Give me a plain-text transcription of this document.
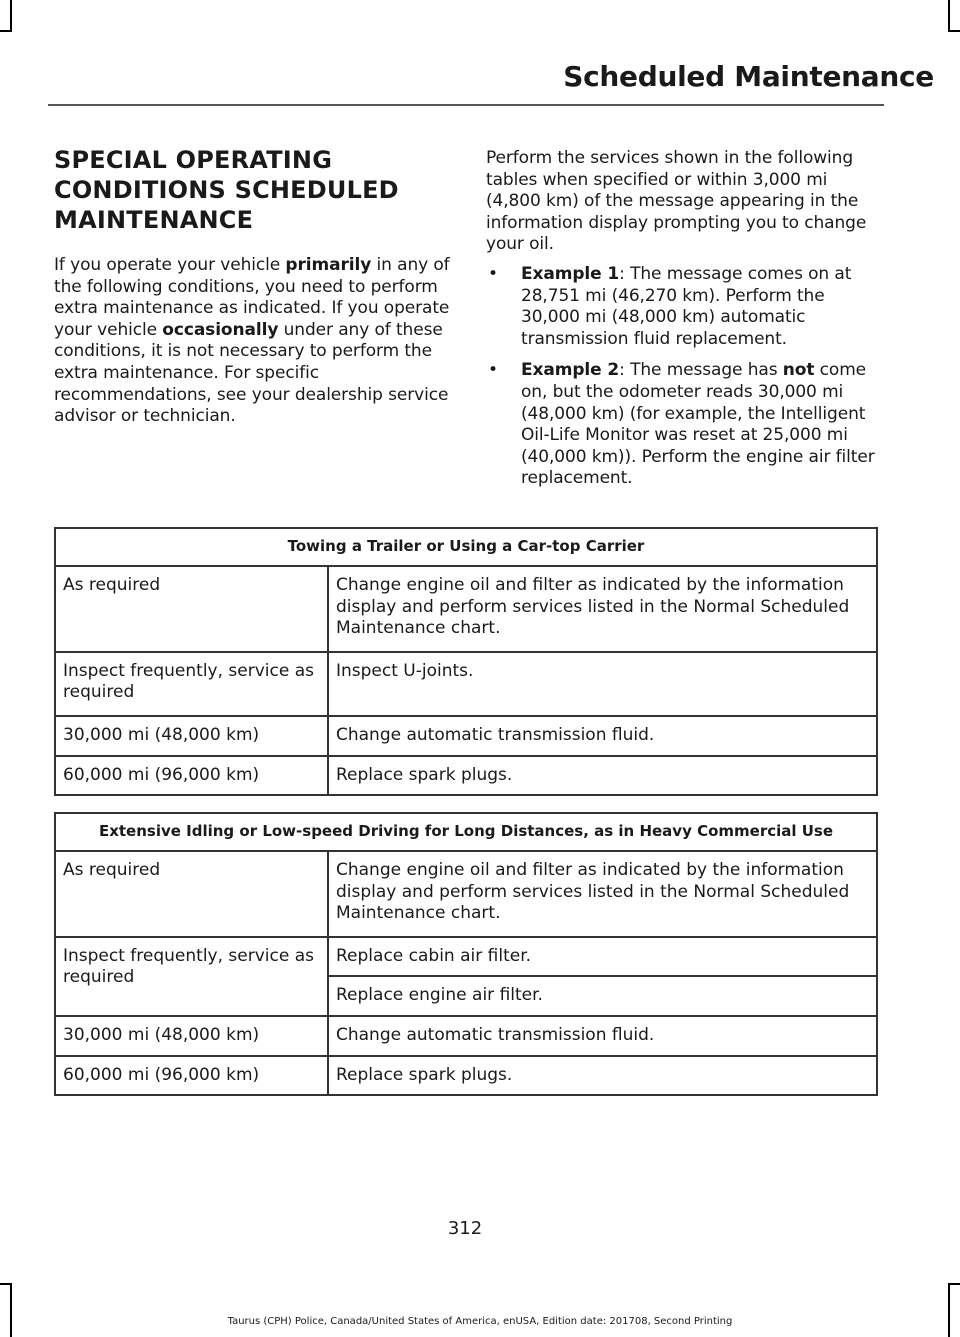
Scheduled Maintenance
SPECIAL OPERATING
CONDITIONS SCHEDULED
MAINTENANCE
If you operate your vehicle primarily in any of the following conditions, you need to perform extra maintenance as indicated. If you operate your vehicle occasionally under any of these conditions, it is not necessary to perform the extra maintenance. For specific recommendations, see your dealership service advisor or technician.
Perform the services shown in the following tables when specified or within 3,000 mi (4,800 km) of the message appearing in the information display prompting you to change your oil.
• Example 1: The message comes on at 28,751 mi (46,270 km). Perform the 30,000 mi (48,000 km) automatic transmission fluid replacement.
• Example 2: The message has not come on, but the odometer reads 30,000 mi (48,000 km) (for example, the Intelligent Oil-Life Monitor was reset at 25,000 mi (40,000 km)). Perform the engine air filter replacement.
Towing a Trailer or Using a Car-top Carrier	
As required	Change engine oil and filter as indicated by the information display and perform services listed in the Normal Scheduled Maintenance chart.
Inspect frequently, service as required	Inspect U-joints.
30,000 mi (48,000 km)	Change automatic transmission fluid.
60,000 mi (96,000 km)	Replace spark plugs.
Extensive Idling or Low-speed Driving for Long Distances, as in Heavy Commercial Use	
As required	Change engine oil and filter as indicated by the information display and perform services listed in the Normal Scheduled Maintenance chart.
Inspect frequently, service as required	Replace cabin air filter.
	Replace engine air filter.
30,000 mi (48,000 km)	Change automatic transmission fluid.
60,000 mi (96,000 km)	Replace spark plugs.
312
Taurus (CPH) Police, Canada/United States of America, enUSA, Edition date: 201708, Second Printing
